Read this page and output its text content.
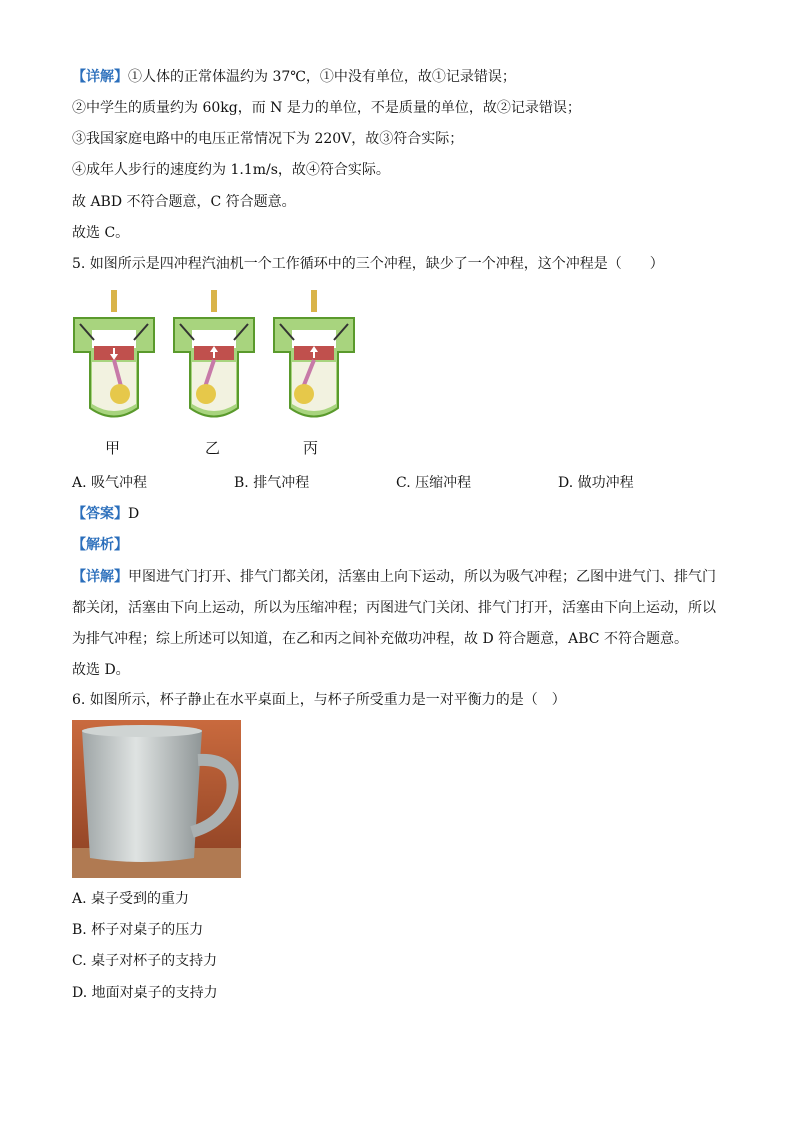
【详解】①人体的正常体温约为 37℃，①中没有单位，故①记录错误；
②中学生的质量约为 60kg，而 N 是力的单位，不是质量的单位，故②记录错误；
③我国家庭电路中的电压正常情况下为 220V，故③符合实际；
④成年人步行的速度约为 1.1m/s，故④符合实际。
故 ABD 不符合题意，C 符合题意。
故选 C。
5. 如图所示是四冲程汽油机一个工作循环中的三个冲程，缺少了一个冲程，这个冲程是（　　）
甲	乙	丙
A. 吸气冲程	B. 排气冲程	C. 压缩冲程	D. 做功冲程
【答案】D
【解析】
【详解】甲图进气门打开、排气门都关闭，活塞由上向下运动，所以为吸气冲程；乙图中进气门、排气门
都关闭，活塞由下向上运动，所以为压缩冲程；丙图进气门关闭、排气门打开，活塞由下向上运动，所以
为排气冲程；综上所述可以知道，在乙和丙之间补充做功冲程，故 D 符合题意，ABC 不符合题意。
故选 D。
6. 如图所示，杯子静止在水平桌面上，与杯子所受重力是一对平衡力的是（　）
A. 桌子受到的重力
B. 杯子对桌子的压力
C. 桌子对杯子的支持力
D. 地面对桌子的支持力
